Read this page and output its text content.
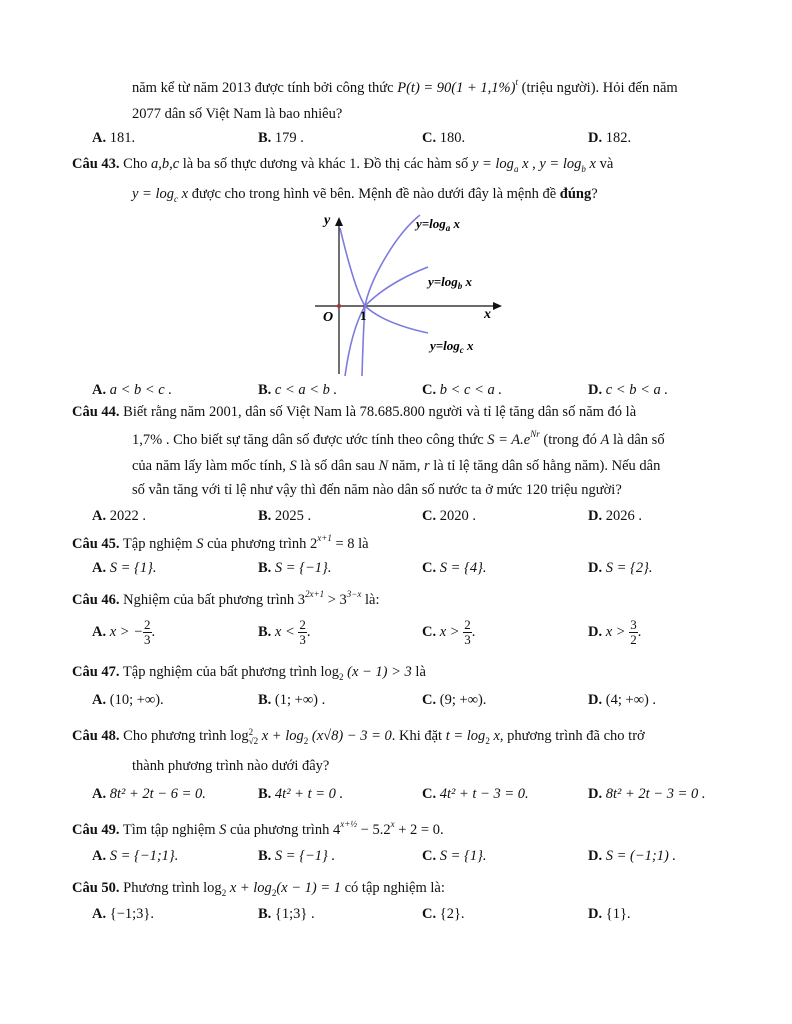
năm kể từ năm 2013 được tính bởi công thức $P(t) = 90(1 + 1,1\%)^t$ (triệu người). Hỏi đến năm
2077 dân số Việt Nam là bao nhiêu?
A. 181.	B. 179 .	C. 180.	D. 182.
Câu 43. Cho a,b,c là ba số thực dương và khác 1. Đồ thị các hàm số $y = \log_a x$ , $y = \log_b x$ và
$y = \log_c x$ được cho trong hình vẽ bên. Mệnh đề nào dưới đây là mệnh đề đúng?
y
x
O 1
$y=\log_a$ x
$y=\log_b$ x
$y=\log_c$ x
A. a < b < c .	B. c < a < b .	C. b < c < a .	D. c < b < a .
Câu 44. Biết rằng năm 2001, dân số Việt Nam là 78.685.800 người và tỉ lệ tăng dân số năm đó là
1,7% . Cho biết sự tăng dân số được ước tính theo công thức $S = A.e^{Nr}$ (trong đó A là dân số
của năm lấy làm mốc tính, S là số dân sau N năm, r là tỉ lệ tăng dân số hằng năm). Nếu dân
số vẫn tăng với tỉ lệ như vậy thì đến năm nào dân số nước ta ở mức 120 triệu người?
A. 2022 .	B. 2025 .	C. 2020 .	D. 2026 .
Câu 45. Tập nghiệm S của phương trình $2^{x+1} = 8$ là
A. S = {1}.	B. S = {−1}.	C. S = {4}.	D. S = {2}.
Câu 46. Nghiệm của bất phương trình $3^{2x+1} > 3^{3-x}$ là:
A. x > − $\frac{2}{3}$ .	B. $x < \frac{2}{3}$ .	C. $x > \frac{2}{3}$ .	D. $x > \frac{3}{2}$ .
Câu 47. Tập nghiệm của bất phương trình $\log_2 (x - 1) > 3$ là
A. (10; +∞).	B. (1; +∞) .	C. (9; +∞).	D. (4; +∞) .
Câu 48. Cho phương trình log 2
√2 $x + \log_2 (x√8) - 3 = 0$. Khi đặt $t = \log_2 x$, phương trình đã cho trở
thành phương trình nào dưới đây?
A. 8t² + 2t − 6 = 0.	B. 4t² + t = 0 .	C. 4t² + t − 3 = 0.	D. 8t² + 2t − 3 = 0 .
Câu 49. Tìm tập nghiệm S của phương trình $4^{x+\frac{1}{2}} - 5.2^x + 2 = 0$.
A. S = {−1;1}.	B. S = {−1} .	C. S = {1}.	D. S = (−1;1) .
Câu 50. Phương trình $\log_2 x + \log_2(x - 1) = 1$ có tập nghiệm là:
A. {−1;3}.	B. {1;3} .	C. {2}.	D. {1}.
